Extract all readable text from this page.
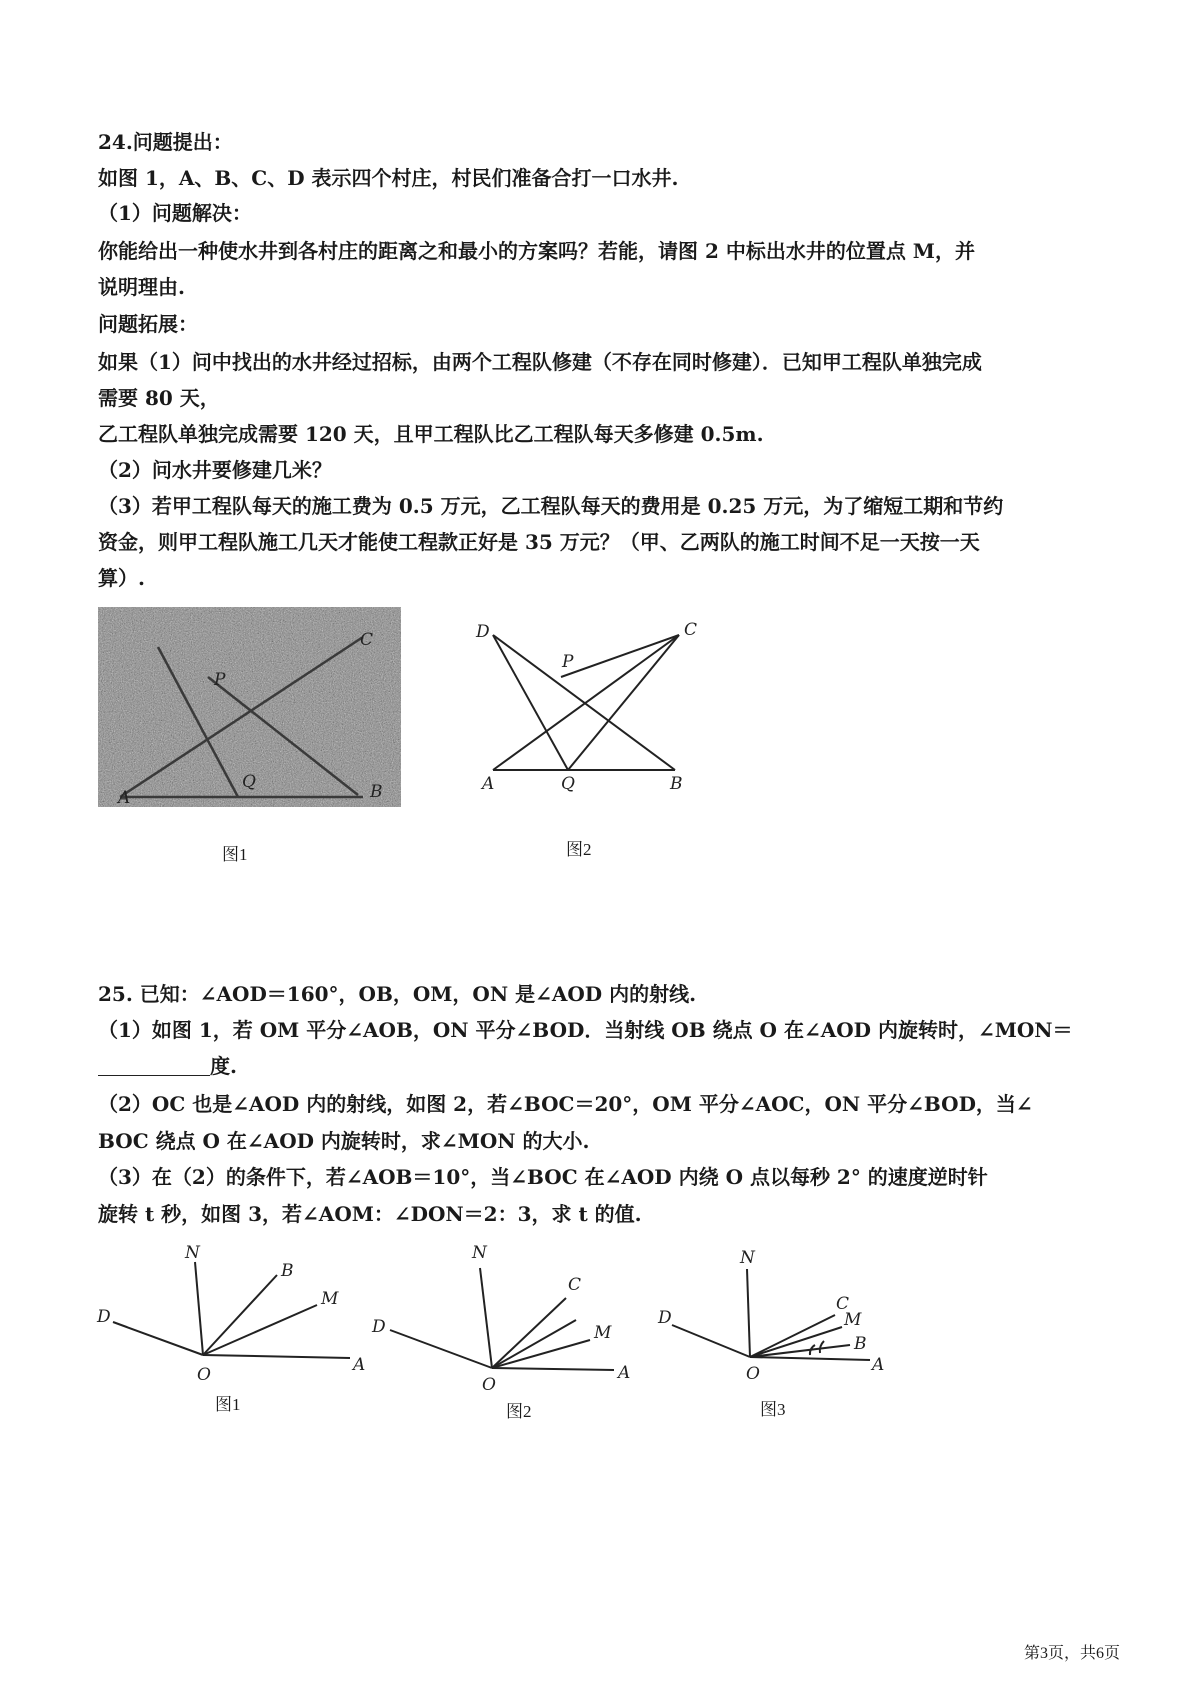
24.问题提出：
如图 1，A、B、C、D 表示四个村庄，村民们准备合打一口水井.
（1）问题解决：
你能给出一种使水井到各村庄的距离之和最小的方案吗？若能，请图 2 中标出水井的位置点 M，并
说明理由.
问题拓展：
如果（1）问中找出的水井经过招标，由两个工程队修建（不存在同时修建）．已知甲工程队单独完成
需要 80 天，
乙工程队单独完成需要 120 天，且甲工程队比乙工程队每天多修建 0.5m.
（2）问水井要修建几米？
（3）若甲工程队每天的施工费为 0.5 万元，乙工程队每天的费用是 0.25 万元，为了缩短工期和节约
资金，则甲工程队施工几天才能使工程款正好是 35 万元？（甲、乙两队的施工时间不足一天按一天
算）.
A
Q	B
C
P
图1
D	C
P
A	Q	B
图2
25. 已知：∠AOD＝160°，OB，OM，ON 是∠AOD 内的射线.
（1）如图 1，若 OM 平分∠AOB，ON 平分∠BOD．当射线 OB 绕点 O 在∠AOD 内旋转时，∠MON＝
度.
（2）OC 也是∠AOD 内的射线，如图 2，若∠BOC＝20°，OM 平分∠AOC，ON 平分∠BOD，当∠
BOC 绕点 O 在∠AOD 内旋转时，求∠MON 的大小.
（3）在（2）的条件下，若∠AOB＝10°，当∠BOC 在∠AOD 内绕 O 点以每秒 2° 的速度逆时针
旋转 t 秒，如图 3，若∠AOM：∠DON＝2：3，求 t 的值.
N
B
M
D
O	A
图1
N
C
M
D
O
A
图2
N
C
M
B
D
O	A
图3
第3页，共6页
